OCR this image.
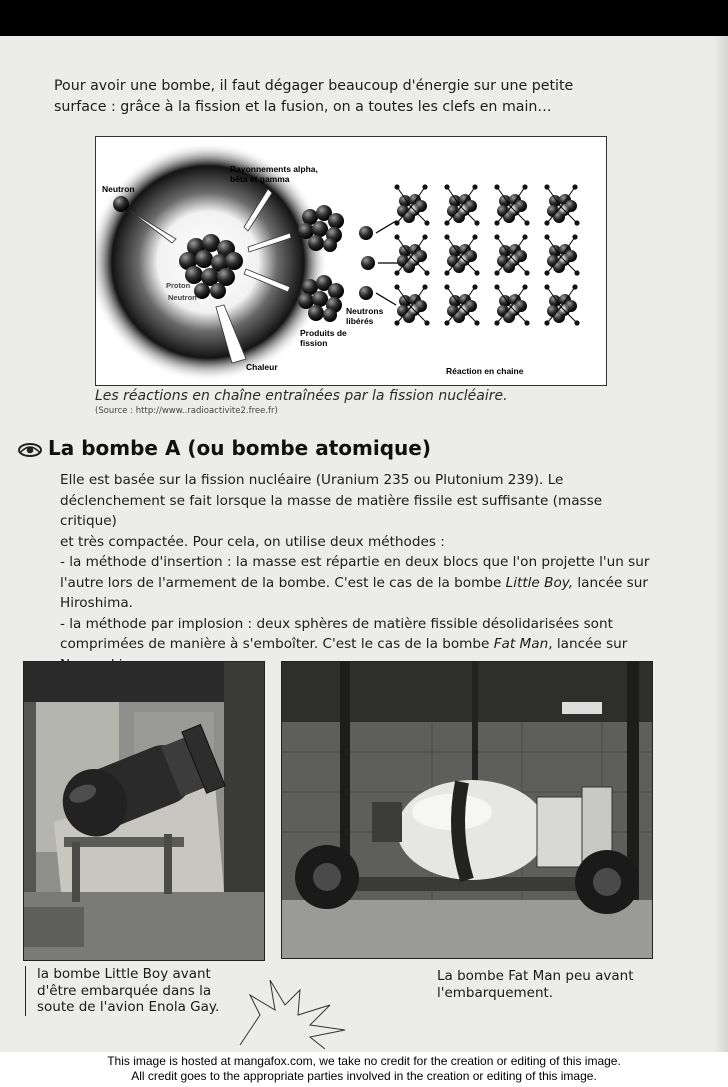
Pour avoir une bombe, il faut dégager beaucoup d'énergie sur une petite
surface : grâce à la fission et la fusion, on a toutes les clefs en main…
Neutron
Rayonnements alpha, bêta et gamma
Proton
Neutron
Neutrons libérés
Produits de fission
Chaleur	Réaction en chaine
Les réactions en chaîne entraînées par la fission nucléaire.
(Source : http://www..radioactivite2.free.fr)
La bombe A (ou bombe atomique)

Elle est basée sur la fission nucléaire (Uranium 235 ou Plutonium 239). Le

déclenchement se fait lorsque la masse de matière fissile est suffisante (masse critique)

et très compactée. Pour cela, on utilise deux méthodes :

- la méthode d'insertion : la masse est répartie en deux blocs que l'on projette l'un sur

l'autre lors de l'armement de la bombe. C'est le cas de la bombe Little Boy, lancée sur

Hiroshima.

- la méthode par implosion : deux sphères de matière fissible désolidarisées sont

comprimées de manière à s'emboîter. C'est le cas de la bombe Fat Man, lancée sur

la bombe Little Boy avant
d'être embarquée dans la
soute de l'avion Enola Gay.
La bombe Fat Man peu avant
l'embarquement.
This image is hosted at mangafox.com, we take no credit for the creation or editing of this image.
All credit goes to the appropriate parties involved in the creation or editing of this image.
